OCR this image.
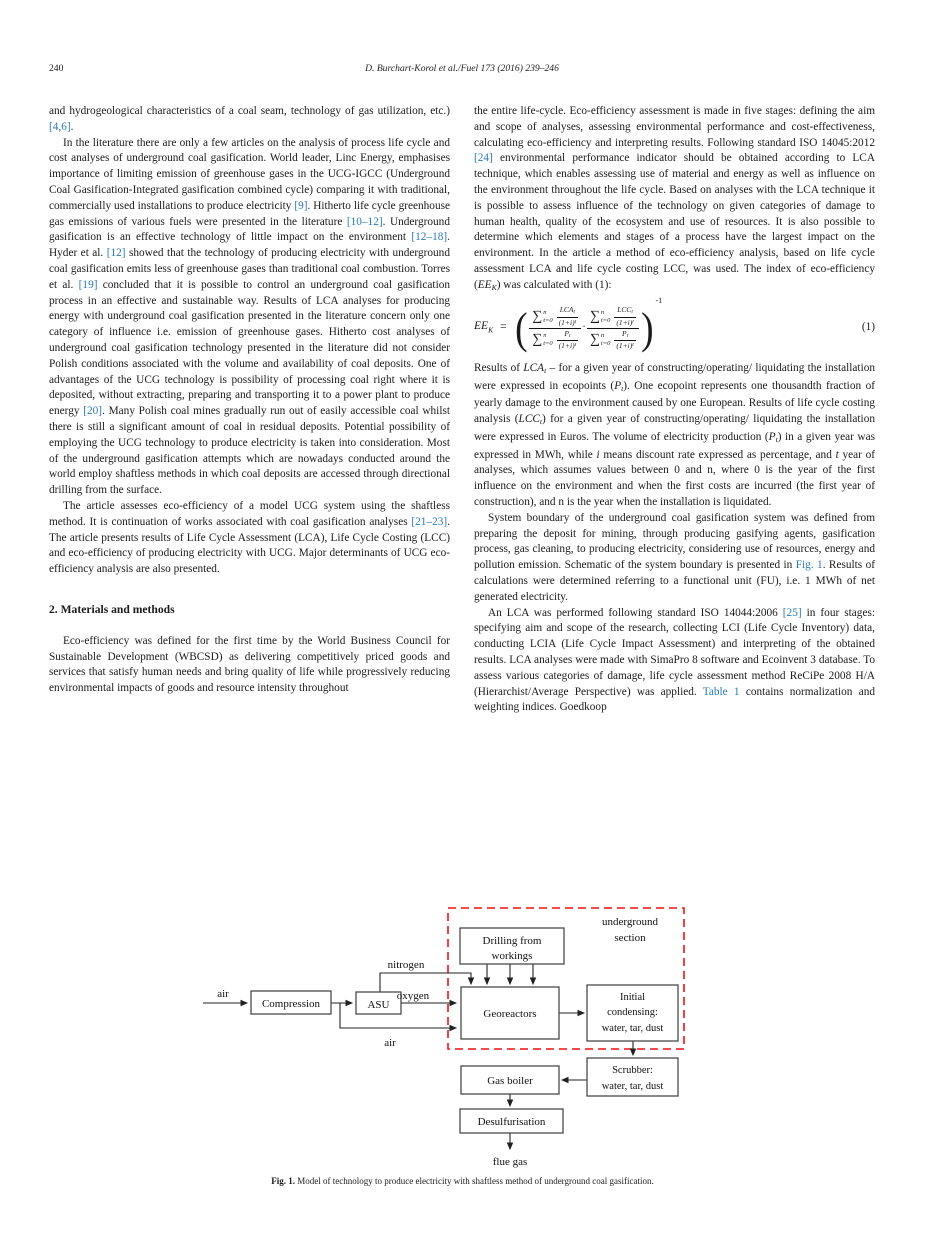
240	D. Burchart-Korol et al./Fuel 173 (2016) 239–246

and hydrogeological characteristics of a coal seam, technology of gas utilization, etc.) [4,6].

In the literature there are only a few articles on the analysis of process life cycle and cost analyses of underground coal gasification. World leader, Linc Energy, emphasises importance of limiting emission of greenhouse gases in the UCG-IGCC (Underground Coal Gasification-Integrated gasification combined cycle) comparing it with traditional, commercially used installations to produce electricity [9]. Hitherto life cycle greenhouse gas emissions of various fuels were presented in the literature [10–12]. Underground gasification is an effective technology of little impact on the environment [12–18]. Hyder et al. [12] showed that the technology of producing electricity with underground coal gasification emits less of greenhouse gases than traditional coal combustion. Torres et al. [19] concluded that it is possible to control an underground coal gasification process in an effective and sustainable way. Results of LCA analyses for producing energy with underground coal gasification presented in the literature concern only one category of influence i.e. emission of greenhouse gases. Hitherto cost analyses of underground coal gasification technology presented in the literature did not consider Polish conditions associated with the volume and availability of coal deposits. One of advantages of the UCG technology is possibility of processing coal right where it is deposited, without extracting, preparing and transporting it to a power plant to produce energy [20]. Many Polish coal mines gradually run out of easily accessible coal whilst there is still a significant amount of coal in residual deposits. Potential possibility of employing the UCG technology to produce electricity is taken into consideration. Most of the underground gasification attempts which are nowadays conducted around the world employ shaftless methods in which coal deposits are accessed through directional drilling from the surface.

The article assesses eco-efficiency of a model UCG system using the shaftless method. It is continuation of works associated with coal gasification analyses [21–23]. The article presents results of Life Cycle Assessment (LCA), Life Cycle Costing (LCC) and eco-efficiency of producing electricity with UCG. Major determinants of UCG eco-efficiency analysis are also presented.

2. Materials and methods

Eco-efficiency was defined for the first time by the World Business Council for Sustainable Development (WBCSD) as delivering competitively priced goods and services that satisfy human needs and bring quality of life while progressively reducing environmental impacts of goods and resource intensity throughout

the entire life-cycle. Eco-efficiency assessment is made in five stages: defining the aim and scope of analyses, assessing environmental performance and cost-effectiveness, calculating eco-efficiency and interpreting results. Following standard ISO 14045:2012 [24] environmental performance indicator should be obtained according to LCA technique, which enables assessing use of material and energy as well as influence on the environment throughout the life cycle. Based on analyses with the LCA technique it is possible to assess influence of the technology on given categories of damage to human health, quality of the ecosystem and use of resources. It is also possible to determine which elements and stages of a process have the largest impact on the environment. In the article a method of eco-efficiency analysis, based on life cycle assessment LCA and life cycle costing LCC, was used. The index of eco-efficiency $(EE_K)$ was calculated with (1):

$EE_K$ = ( ∑ n
t=0
$LCA_t$
$(1+i)^t$
∑ n
t=0
$P_t$
$(1+i)^t$
·
∑ n
t=0
$LCC_t$
$(1+i)^t$
∑ n
t=0
$P_t$
$(1+i)^t$ )
-1
(1)

Results of $LCA_t$ – for a given year of constructing/operating/ liquidating the installation were expressed in ecopoints $(P_t)$. One ecopoint represents one thousandth fraction of yearly damage to the environment caused by one European. Results of life cycle costing analysis $(LCC_t)$ for a given year of constructing/operating/ liquidating the installation were expressed in Euros. The volume of electricity production $(P_t)$ in a given year was expressed in MWh, while i means discount rate expressed as percentage, and t year of analyses, which assumes values between 0 and n, where 0 is the year of the first influence on the environment and when the first costs are incurred (the first year of construction), and n is the year when the installation is liquidated.

System boundary of the underground coal gasification system was defined from preparing the deposit for mining, through producing gasifying agents, gasification process, gas cleaning, to producing electricity, considering use of resources, energy and pollution emission. Schematic of the system boundary is presented in Fig. 1. Results of calculations were determined referring to a functional unit (FU), i.e. 1 MWh of net generated electricity.

An LCA was performed following standard ISO 14044:2006 [25] in four stages: specifying aim and scope of the research, collecting LCI (Life Cycle Inventory) data, conducting LCIA (Life Cycle Impact Assessment) and interpreting of the obtained results. LCA analyses were made with SimaPro 8 software and Ecoinvent 3 database. To assess various categories of damage, life cycle assessment method ReCiPe 2008 H/A (Hierarchist/Average Perspective) was applied. Table 1 contains normalization and weighting indices. Goedkoop

underground
section
Compression	ASU
Drilling from
workings
Georeactors
Initial
condensing:
water, tar, dust
Scrubber:
water, tar, dust
Gas boiler
Desulfurisation
air
nitrogen
oxygen
air
flue gas
Fig. 1. Model of technology to produce electricity with shaftless method of underground coal gasification.
